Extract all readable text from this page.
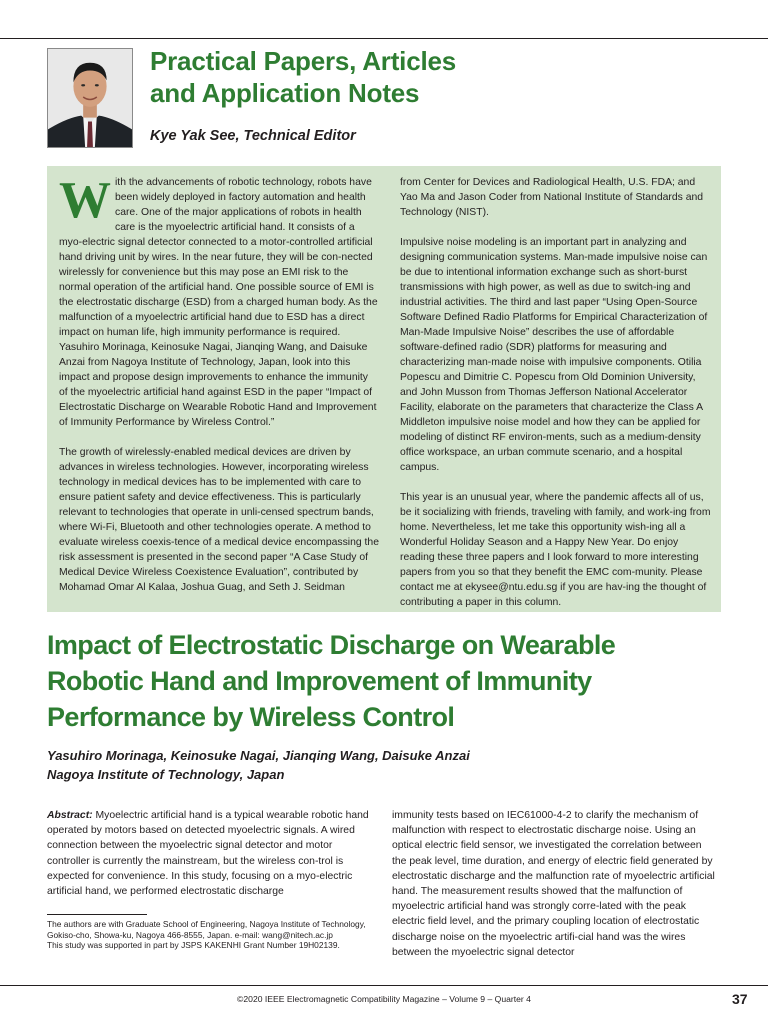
Practical Papers, Articles
and Application Notes
Kye Yak See, Technical Editor

With the advancements of robotic technology, robots have been widely deployed in factory automation and health care. One of the major applications of robots in health care is the myoelectric artificial hand. It consists of a myo-electric signal detector connected to a motor-controlled artificial hand driving unit by wires. In the near future, they will be con-nected wirelessly for convenience but this may pose an EMI risk to the normal operation of the artificial hand. One possible source of EMI is the electrostatic discharge (ESD) from a charged human body. As the malfunction of a myoelectric artificial hand due to ESD has a direct impact on human life, high immunity performance is required. Yasuhiro Morinaga, Keinosuke Nagai, Jianqing Wang, and Daisuke Anzai from Nagoya Institute of Technology, Japan, look into this impact and propose design improvements to enhance the immunity of the myoelectric artificial hand against ESD in the paper “Impact of Electrostatic Discharge on Wearable Robotic Hand and Improvement of Immunity Performance by Wireless Control.”

The growth of wirelessly-enabled medical devices are driven by advances in wireless technologies. However, incorporating wireless technology in medical devices has to be implemented with care to ensure patient safety and device effectiveness. This is particularly relevant to technologies that operate in unli-censed spectrum bands, where Wi-Fi, Bluetooth and other technologies operate. A method to evaluate wireless coexis-tence of a medical device encompassing the risk assessment is presented in the second paper “A Case Study of Medical Device Wireless Coexistence Evaluation”, contributed by Mohamad Omar Al Kalaa, Joshua Guag, and Seth J. Seidman

from Center for Devices and Radiological Health, U.S. FDA; and Yao Ma and Jason Coder from National Institute of Standards and Technology (NIST).

Impulsive noise modeling is an important part in analyzing and designing communication systems. Man-made impulsive noise can be due to intentional information exchange such as short-burst transmissions with high power, as well as due to switch-ing and industrial activities. The third and last paper “Using Open-Source Software Defined Radio Platforms for Empirical Characterization of Man-Made Impulsive Noise” describes the use of affordable software-defined radio (SDR) platforms for measuring and characterizing man-made noise with impulsive components. Otilia Popescu and Dimitrie C. Popescu from Old Dominion University, and John Musson from Thomas Jefferson National Accelerator Facility, elaborate on the parameters that characterize the Class A Middleton impulsive noise model and how they can be applied for modeling of distinct RF environ-ments, such as a medium-density office workspace, an urban commute scenario, and a hospital campus.

This year is an unusual year, where the pandemic affects all of us, be it socializing with friends, traveling with family, and work-ing from home. Nevertheless, let me take this opportunity wish-ing all a Wonderful Holiday Season and a Happy New Year. Do enjoy reading these three papers and I look forward to more interesting papers from you so that they benefit the EMC com-munity. Please contact me at ekysee@ntu.edu.sg if you are hav-ing the thought of contributing a paper in this column.

Impact of Electrostatic Discharge on Wearable
Robotic Hand and Improvement of Immunity
Performance by Wireless Control
Yasuhiro Morinaga, Keinosuke Nagai, Jianqing Wang, Daisuke Anzai
Nagoya Institute of Technology, Japan
Abstract: Myoelectric artificial hand is a typical wearable robotic hand operated by motors based on detected myoelectric signals. A wired connection between the myoelectric signal detector and motor controller is currently the mainstream, but the wireless con-trol is expected for convenience. In this study, focusing on a myo-electric artificial hand, we performed electrostatic discharge
immunity tests based on IEC61000-4-2 to clarify the mechanism of malfunction with respect to electrostatic discharge noise. Using an optical electric field sensor, we investigated the correlation between the peak level, time duration, and energy of electric field generated by electrostatic discharge and the malfunction rate of myoelectric artificial hand. The measurement results showed that the malfunction of myoelectric artificial hand was strongly corre-lated with the peak electric field level, and the primary coupling location of electrostatic discharge noise on the myoelectric artifi-cial hand was the wires between the myoelectric signal detector
The authors are with Graduate School of Engineering, Nagoya Institute of Technology, Gokiso-cho, Showa-ku, Nagoya 466-8555, Japan. e-mail: wang@nitech.ac.jp
This study was supported in part by JSPS KAKENHI Grant Number 19H02139.
©2020 IEEE Electromagnetic Compatibility Magazine – Volume 9 – Quarter 4	37
